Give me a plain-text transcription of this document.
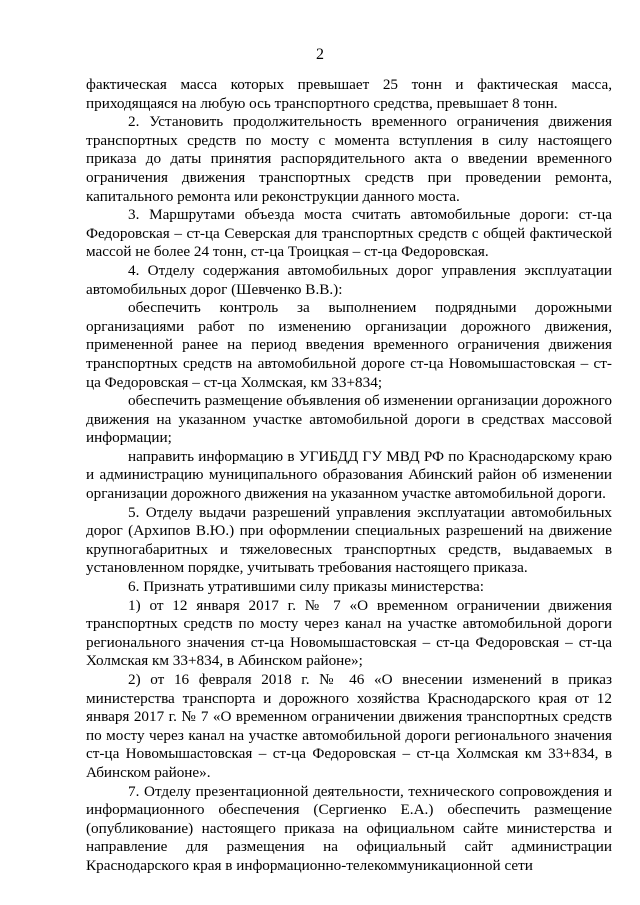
2

фактическая масса которых превышает 25 тонн и фактическая масса, приходящаяся на любую ось транспортного средства, превышает 8 тонн.

2. Установить продолжительность временного ограничения движения транспортных средств по мосту с момента вступления в силу настоящего приказа до даты принятия распорядительного акта о введении временного ограничения движения транспортных средств при проведении ремонта, капитального ремонта или реконструкции данного моста.

3. Маршрутами объезда моста считать автомобильные дороги: ст-ца Федоровская – ст-ца Северская для транспортных средств с общей фактической массой не более 24 тонн, ст-ца Троицкая – ст-ца Федоровская.

4. Отделу содержания автомобильных дорог управления эксплуатации автомобильных дорог (Шевченко В.В.):

обеспечить контроль за выполнением подрядными дорожными организациями работ по изменению организации дорожного движения, примененной ранее на период введения временного ограничения движения транспортных средств на автомобильной дороге ст-ца Новомышастовская – ст-ца Федоровская – ст-ца Холмская, км 33+834;

обеспечить размещение объявления об изменении организации дорожного движения на указанном участке автомобильной дороги в средствах массовой информации;

направить информацию в УГИБДД ГУ МВД РФ по Краснодарскому краю и администрацию муниципального образования Абинский район об изменении организации дорожного движения на указанном участке автомобильной дороги.

5. Отделу выдачи разрешений управления эксплуатации автомобильных дорог (Архипов В.Ю.) при оформлении специальных разрешений на движение крупногабаритных и тяжеловесных транспортных средств, выдаваемых в установленном порядке, учитывать требования настоящего приказа.

6. Признать утратившими силу приказы министерства:

1) от 12 января 2017 г. № 7 «О временном ограничении движения транспортных средств по мосту через канал на участке автомобильной дороги регионального значения ст-ца Новомышастовская – ст-ца Федоровская – ст-ца Холмская км 33+834, в Абинском районе»;

2) от 16 февраля 2018 г. № 46 «О внесении изменений в приказ министерства транспорта и дорожного хозяйства Краснодарского края от 12 января 2017 г. № 7 «О временном ограничении движения транспортных средств по мосту через канал на участке автомобильной дороги регионального значения ст-ца Новомышастовская – ст-ца Федоровская – ст-ца Холмская км 33+834, в Абинском районе».

7. Отделу презентационной деятельности, технического сопровождения и информационного обеспечения (Сергиенко Е.А.) обеспечить размещение (опубликование) настоящего приказа на официальном сайте министерства и направление для размещения на официальный сайт администрации Краснодарского края в информационно-телекоммуникационной сети
